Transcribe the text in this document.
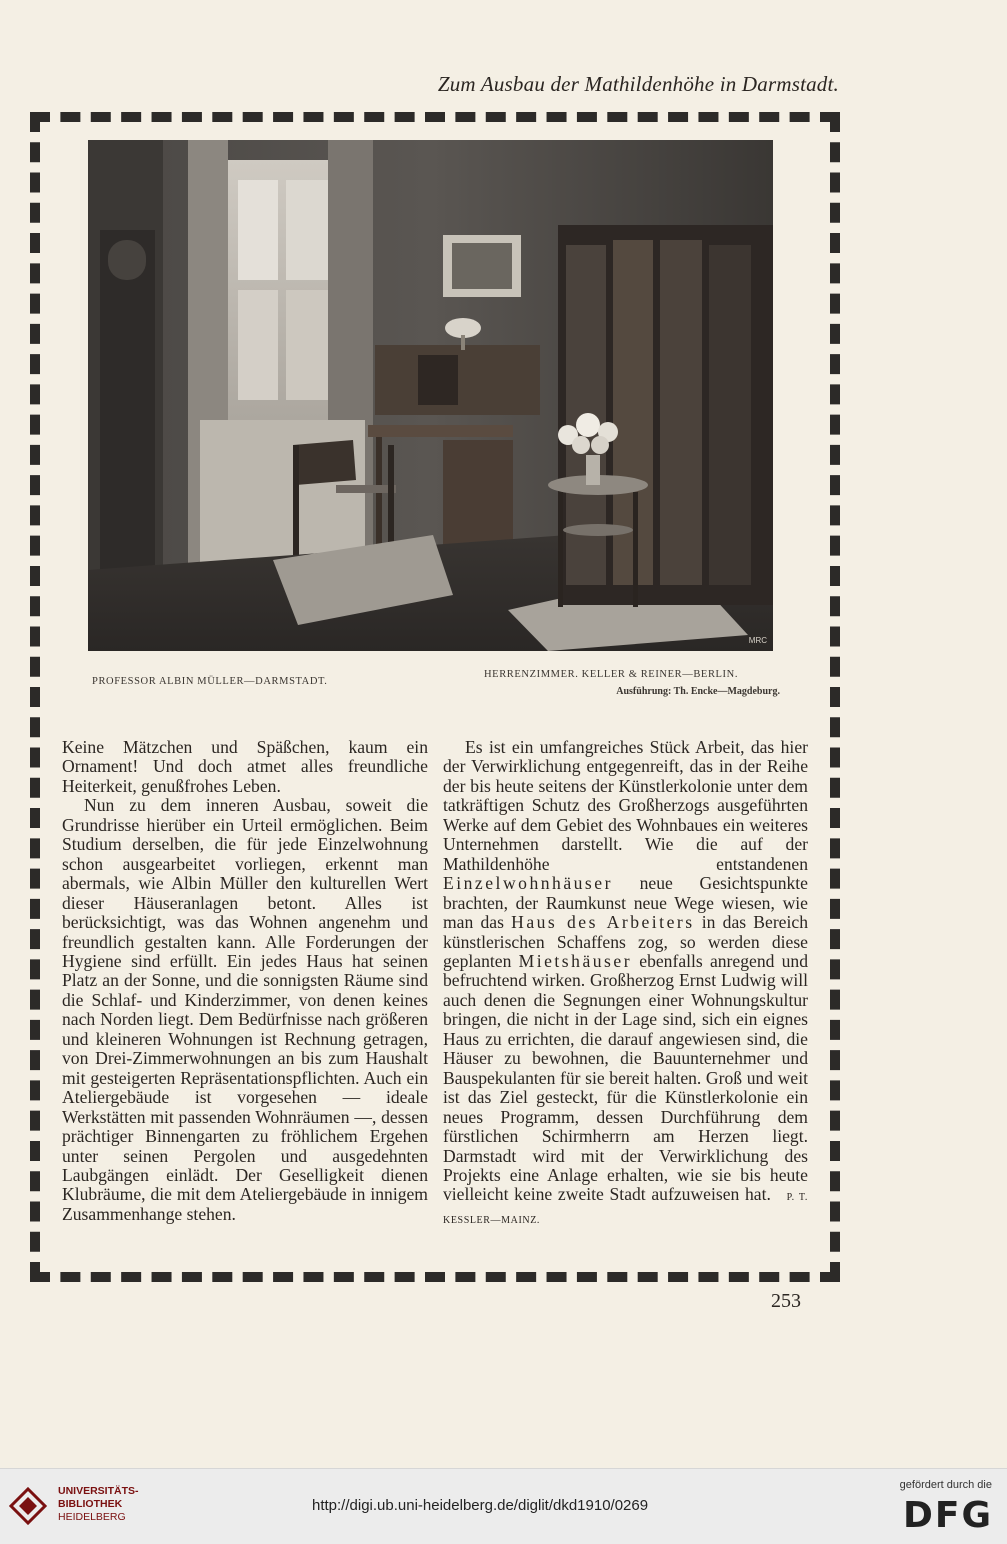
Zum Ausbau der Mathildenhöhe in Darmstadt.
MRC
PROFESSOR ALBIN MÜLLER—DARMSTADT.
HERRENZIMMER. KELLER & REINER—BERLIN.
Ausführung: Th. Encke—Magdeburg.

Keine Mätzchen und Späßchen, kaum ein Ornament! Und doch atmet alles freundliche Heiterkeit, genußfrohes Leben.

Nun zu dem inneren Ausbau, soweit die Grundrisse hierüber ein Urteil ermöglichen. Beim Studium derselben, die für jede Einzelwohnung schon ausgearbeitet vorliegen, erkennt man abermals, wie Albin Müller den kulturellen Wert dieser Häuseranlagen betont. Alles ist berücksichtigt, was das Wohnen angenehm und freundlich gestalten kann. Alle Forderungen der Hygiene sind erfüllt. Ein jedes Haus hat seinen Platz an der Sonne, und die sonnigsten Räume sind die Schlaf- und Kinderzimmer, von denen keines nach Norden liegt. Dem Bedürfnisse nach größeren und kleineren Wohnungen ist Rechnung getragen, von Drei-Zimmerwohnungen an bis zum Haushalt mit gesteigerten Repräsentationspflichten. Auch ein Ateliergebäude ist vorgesehen — ideale Werkstätten mit passenden Wohnräumen —, dessen prächtiger Binnengarten zu fröhlichem Ergehen unter seinen Pergolen und ausgedehnten Laubgängen einlädt. Der Geselligkeit dienen Klubräume, die mit dem Ateliergebäude in innigem Zusammenhange stehen.

Es ist ein umfangreiches Stück Arbeit, das hier der Verwirklichung entgegenreift, das in der Reihe der bis heute seitens der Künstlerkolonie unter dem tatkräftigen Schutz des Großherzogs ausgeführten Werke auf dem Gebiet des Wohnbaues ein weiteres Unternehmen darstellt. Wie die auf der Mathildenhöhe entstandenen Einzelwohnhäuser neue Gesichtspunkte brachten, der Raumkunst neue Wege wiesen, wie man das Haus des Arbeiters in das Bereich künstlerischen Schaffens zog, so werden diese geplanten Mietshäuser ebenfalls anregend und befruchtend wirken. Großherzog Ernst Ludwig will auch denen die Segnungen einer Wohnungskultur bringen, die nicht in der Lage sind, sich ein eignes Haus zu errichten, die darauf angewiesen sind, die Häuser zu bewohnen, die Bauunternehmer und Bauspekulanten für sie bereit halten. Groß und weit ist das Ziel gesteckt, für die Künstlerkolonie ein neues Programm, dessen Durchführung dem fürstlichen Schirmherrn am Herzen liegt. Darmstadt wird mit der Verwirklichung des Projekts eine Anlage erhalten, wie sie bis heute vielleicht keine zweite Stadt aufzuweisen hat. P. T. KESSLER—MAINZ.

253
UNIVERSITÄTS-
BIBLIOTHEK
HEIDELBERG
http://digi.ub.uni-heidelberg.de/diglit/dkd1910/0269
gefördert durch die
DFG
